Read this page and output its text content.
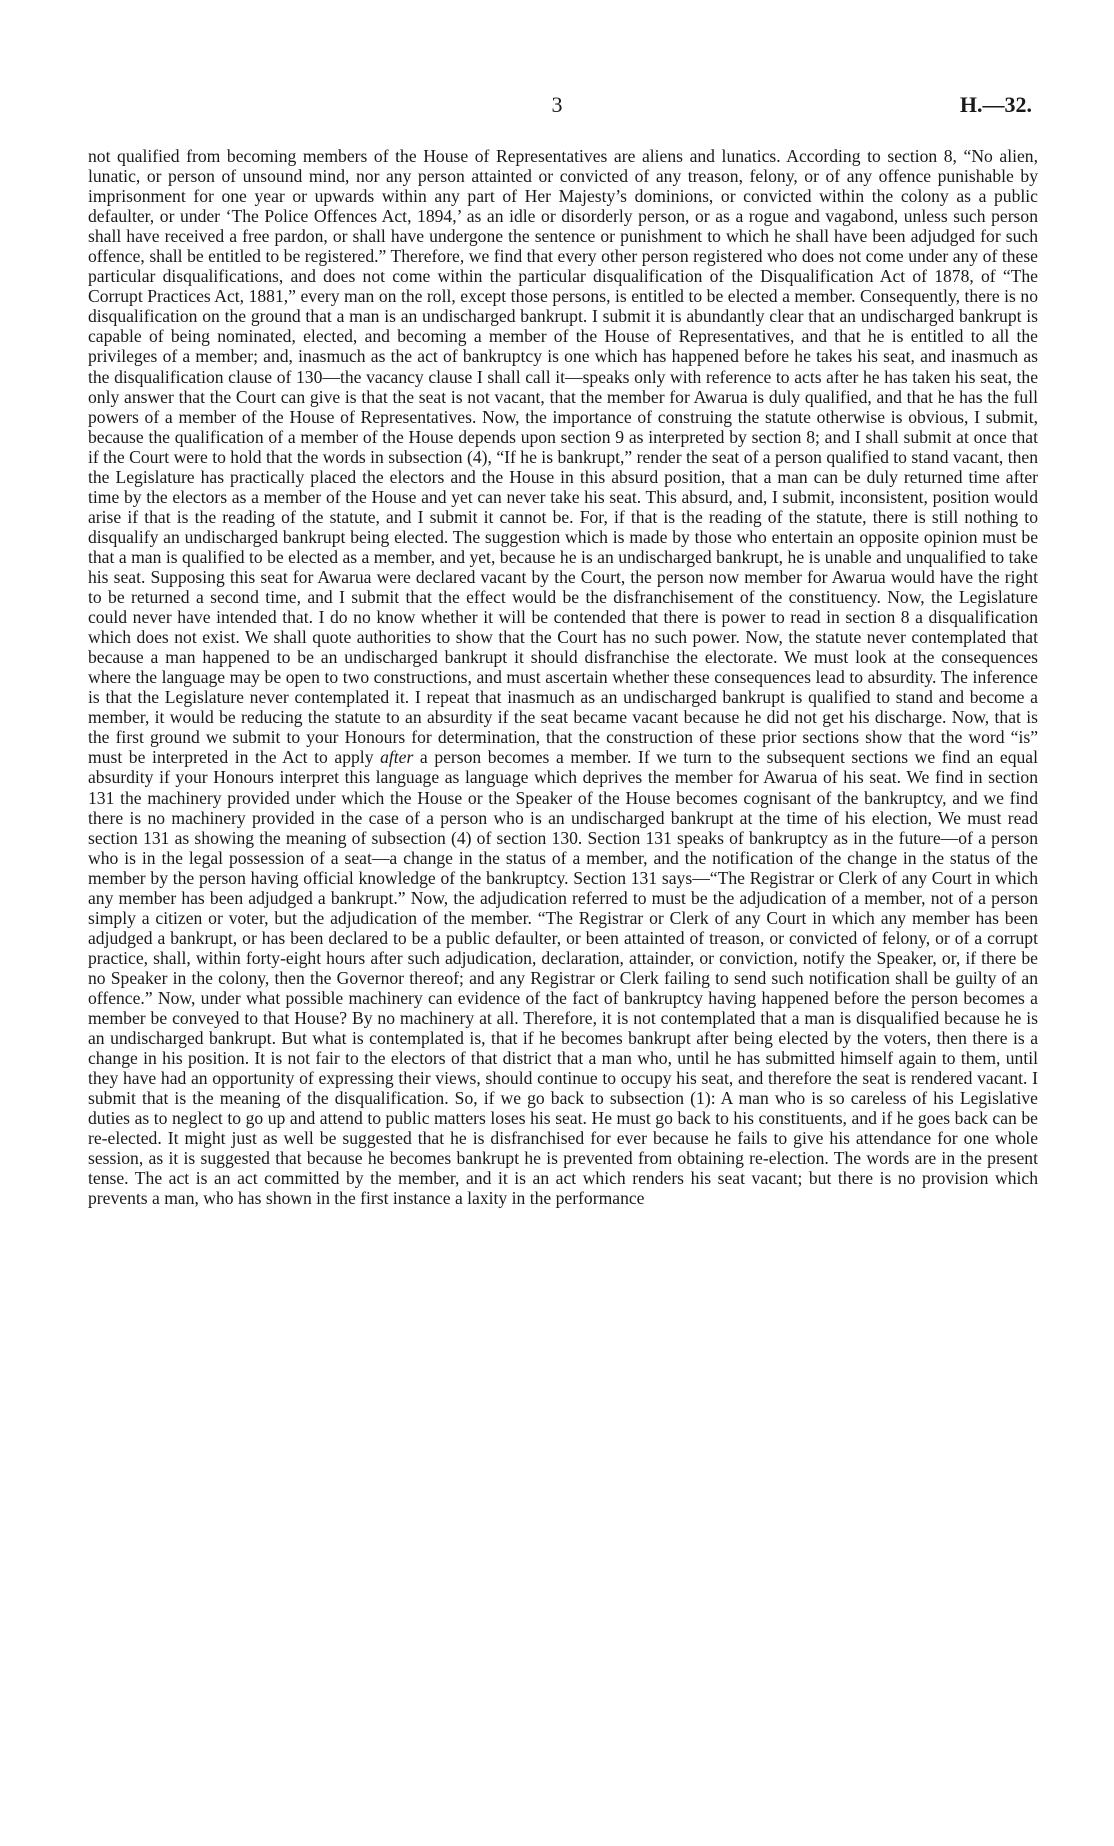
3	H.—32.

not qualified from becoming members of the House of Representatives are aliens and lunatics. According to section 8, “No alien, lunatic, or person of unsound mind, nor any person attainted or convicted of any treason, felony, or of any offence punishable by imprisonment for one year or upwards within any part of Her Majesty’s dominions, or convicted within the colony as a public defaulter, or under ‘The Police Offences Act, 1894,’ as an idle or disorderly person, or as a rogue and vagabond, unless such person shall have received a free pardon, or shall have undergone the sentence or punishment to which he shall have been adjudged for such offence, shall be entitled to be registered.” Therefore, we find that every other person registered who does not come under any of these particular disqualifications, and does not come within the particular disqualification of the Disqualification Act of 1878, of “The Corrupt Practices Act, 1881,” every man on the roll, except those persons, is entitled to be elected a member. Consequently, there is no disqualification on the ground that a man is an undischarged bankrupt. I submit it is abundantly clear that an undischarged bankrupt is capable of being nominated, elected, and becoming a member of the House of Representatives, and that he is entitled to all the privileges of a member; and, inasmuch as the act of bankruptcy is one which has happened before he takes his seat, and inasmuch as the disqualification clause of 130—the vacancy clause I shall call it—speaks only with reference to acts after he has taken his seat, the only answer that the Court can give is that the seat is not vacant, that the member for Awarua is duly qualified, and that he has the full powers of a member of the House of Representatives. Now, the importance of construing the statute otherwise is obvious, I submit, because the qualification of a member of the House depends upon section 9 as interpreted by section 8; and I shall submit at once that if the Court were to hold that the words in subsection (4), “If he is bankrupt,” render the seat of a person qualified to stand vacant, then the Legislature has practically placed the electors and the House in this absurd position, that a man can be duly returned time after time by the electors as a member of the House and yet can never take his seat. This absurd, and, I submit, inconsistent, position would arise if that is the reading of the statute, and I submit it cannot be. For, if that is the reading of the statute, there is still nothing to disqualify an undischarged bankrupt being elected. The suggestion which is made by those who entertain an opposite opinion must be that a man is qualified to be elected as a member, and yet, because he is an undischarged bankrupt, he is unable and unqualified to take his seat. Supposing this seat for Awarua were declared vacant by the Court, the person now member for Awarua would have the right to be returned a second time, and I submit that the effect would be the disfranchisement of the constituency. Now, the Legislature could never have intended that. I do no know whether it will be contended that there is power to read in section 8 a disqualification which does not exist. We shall quote authorities to show that the Court has no such power. Now, the statute never contemplated that because a man happened to be an undischarged bankrupt it should disfranchise the electorate. We must look at the consequences where the language may be open to two constructions, and must ascertain whether these consequences lead to absurdity. The inference is that the Legislature never contemplated it. I repeat that inasmuch as an undischarged bankrupt is qualified to stand and become a member, it would be reducing the statute to an absurdity if the seat became vacant because he did not get his discharge. Now, that is the first ground we submit to your Honours for determination, that the construction of these prior sections show that the word “is” must be interpreted in the Act to apply after a person becomes a member. If we turn to the subsequent sections we find an equal absurdity if your Honours interpret this language as language which deprives the member for Awarua of his seat. We find in section 131 the machinery provided under which the House or the Speaker of the House becomes cognisant of the bankruptcy, and we find there is no machinery provided in the case of a person who is an undischarged bankrupt at the time of his election, We must read section 131 as showing the meaning of subsection (4) of section 130. Section 131 speaks of bankruptcy as in the future—of a person who is in the legal possession of a seat—a change in the status of a member, and the notification of the change in the status of the member by the person having official knowledge of the bankruptcy. Section 131 says—“The Registrar or Clerk of any Court in which any member has been adjudged a bankrupt.” Now, the adjudication referred to must be the adjudication of a member, not of a person simply a citizen or voter, but the adjudication of the member. “The Registrar or Clerk of any Court in which any member has been adjudged a bankrupt, or has been declared to be a public defaulter, or been attainted of treason, or convicted of felony, or of a corrupt practice, shall, within forty-eight hours after such adjudication, declaration, attainder, or conviction, notify the Speaker, or, if there be no Speaker in the colony, then the Governor thereof; and any Registrar or Clerk failing to send such notification shall be guilty of an offence.” Now, under what possible machinery can evidence of the fact of bankruptcy having happened before the person becomes a member be conveyed to that House? By no machinery at all. Therefore, it is not contemplated that a man is disqualified because he is an undischarged bankrupt. But what is contemplated is, that if he becomes bankrupt after being elected by the voters, then there is a change in his position. It is not fair to the electors of that district that a man who, until he has submitted himself again to them, until they have had an opportunity of expressing their views, should continue to occupy his seat, and therefore the seat is rendered vacant. I submit that is the meaning of the disqualification. So, if we go back to subsection (1): A man who is so careless of his Legislative duties as to neglect to go up and attend to public matters loses his seat. He must go back to his constituents, and if he goes back can be re-elected. It might just as well be suggested that he is disfranchised for ever because he fails to give his attendance for one whole session, as it is suggested that because he becomes bankrupt he is prevented from obtaining re-election. The words are in the present tense. The act is an act committed by the member, and it is an act which renders his seat vacant; but there is no provision which prevents a man, who has shown in the first instance a laxity in the performance
